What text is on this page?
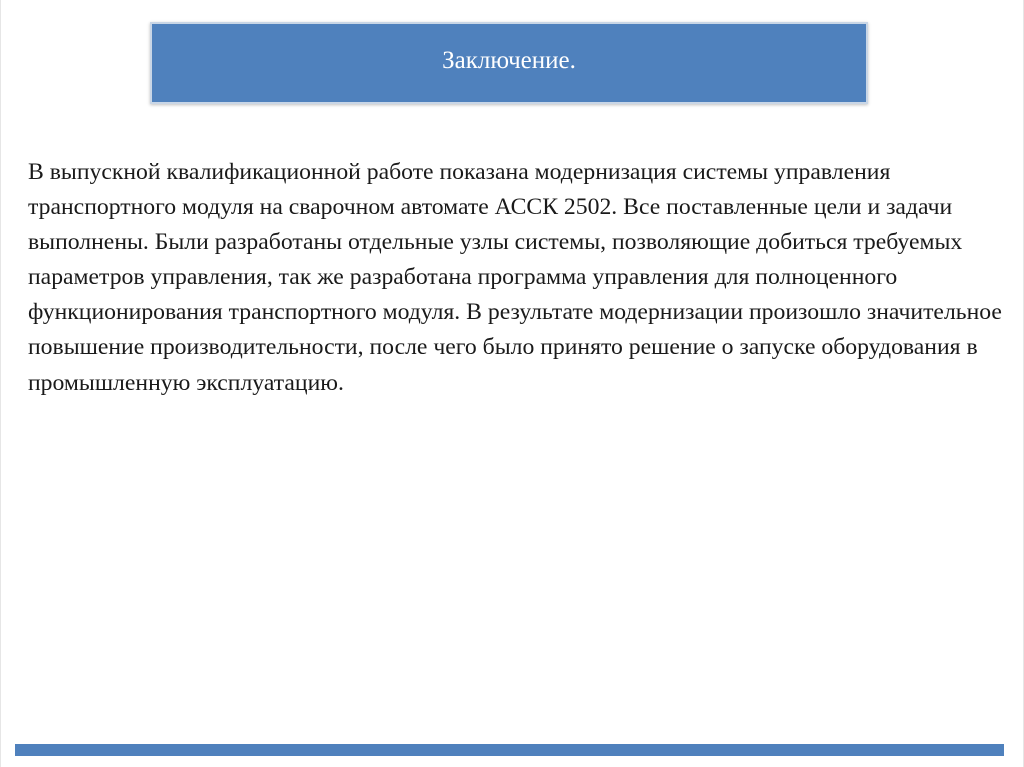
Заключение.

В выпускной квалификационной работе показана модернизация системы управления транспортного модуля на сварочном автомате АССК 2502. Все поставленные цели и задачи выполнены. Были разработаны отдельные узлы системы, позволяющие добиться требуемых параметров управления, так же разработана программа управления для полноценного функционирования транспортного модуля. В результате модернизации произошло значительное повышение производительности, после чего было принято решение о запуске оборудования в промышленную эксплуатацию.
